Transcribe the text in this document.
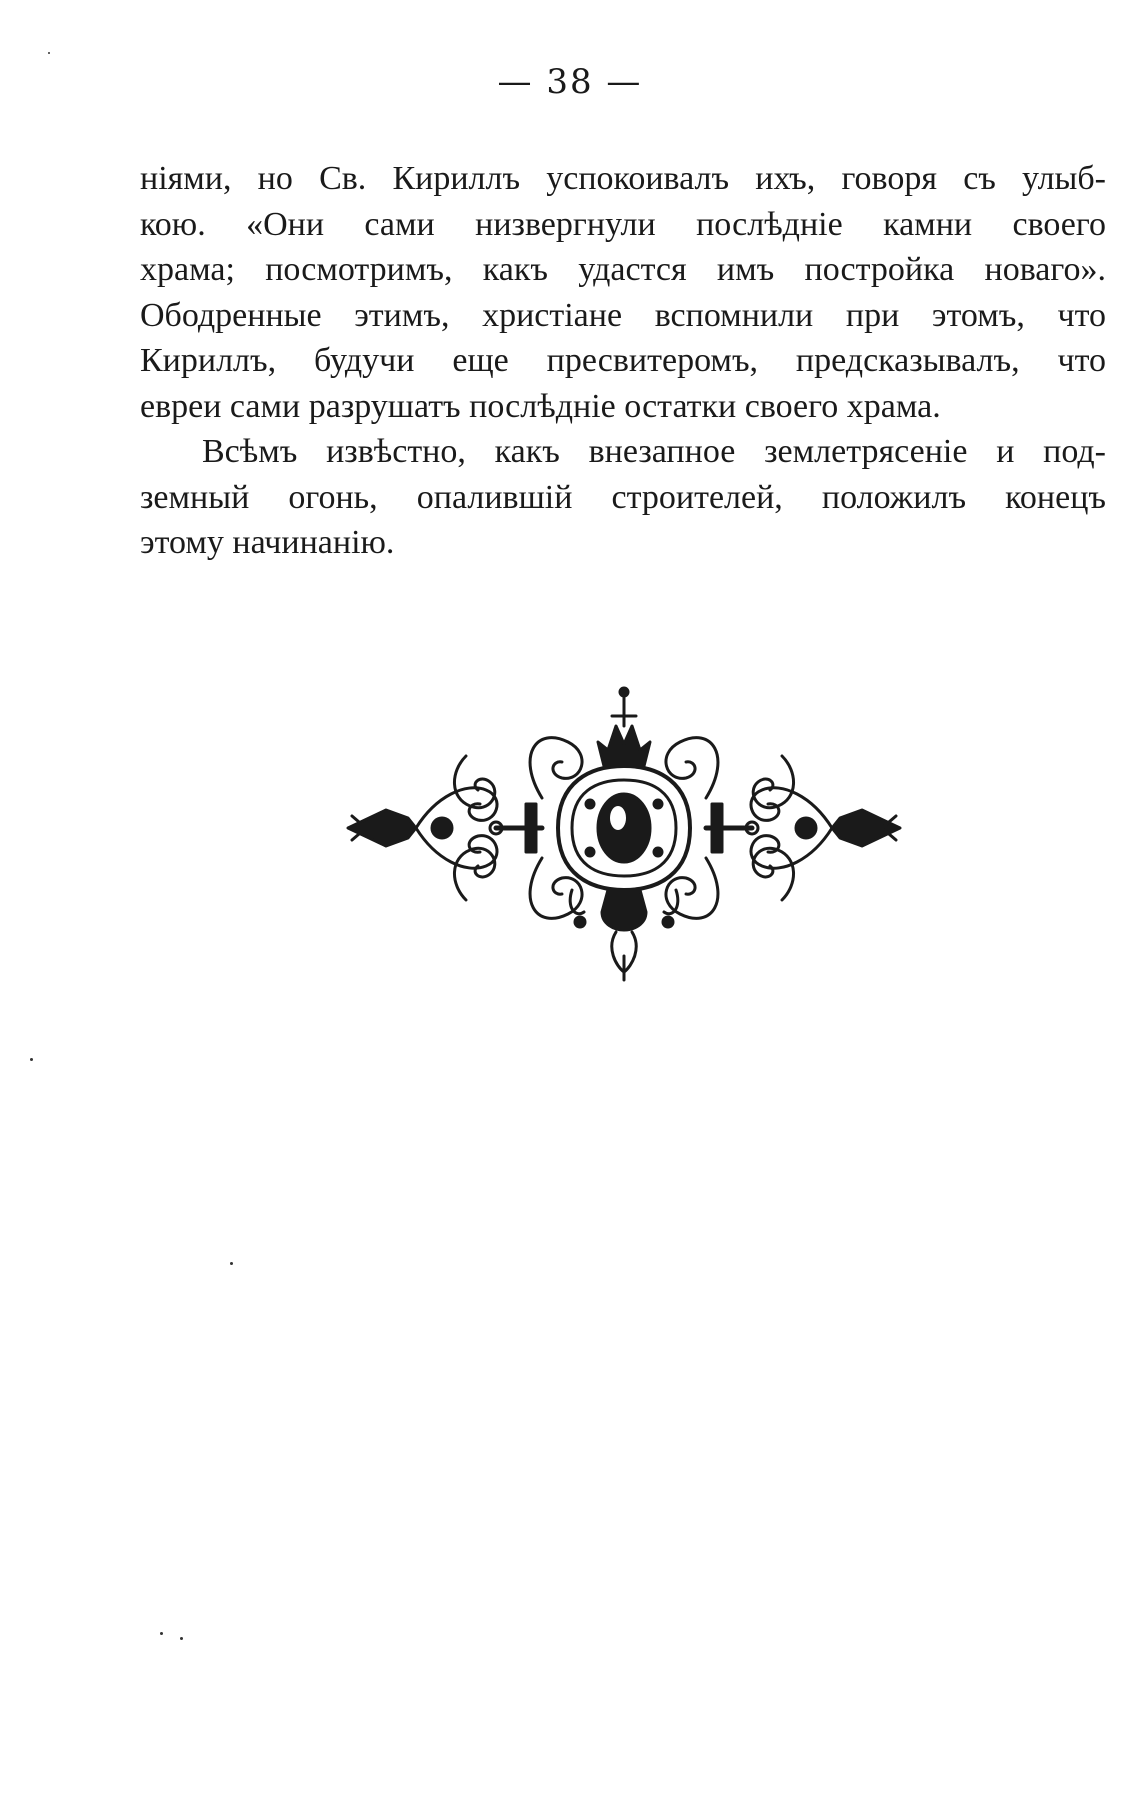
— 38 —
ніями, но Св. Кириллъ успокоивалъ ихъ, говоря съ улыб-
кою. «Они сами низвергнули послѣдніе камни своего
храма; посмотримъ, какъ удастся имъ постройка новаго».
Ободренные этимъ, христіане вспомнили при этомъ, что
Кириллъ, будучи еще пресвитеромъ, предсказывалъ, что
евреи сами разрушатъ послѣдніе остатки своего храма.
Всѣмъ извѣстно, какъ внезапное землетрясеніе и под-
земный огонь, опалившій строителей, положилъ конецъ
этому начинанію.
